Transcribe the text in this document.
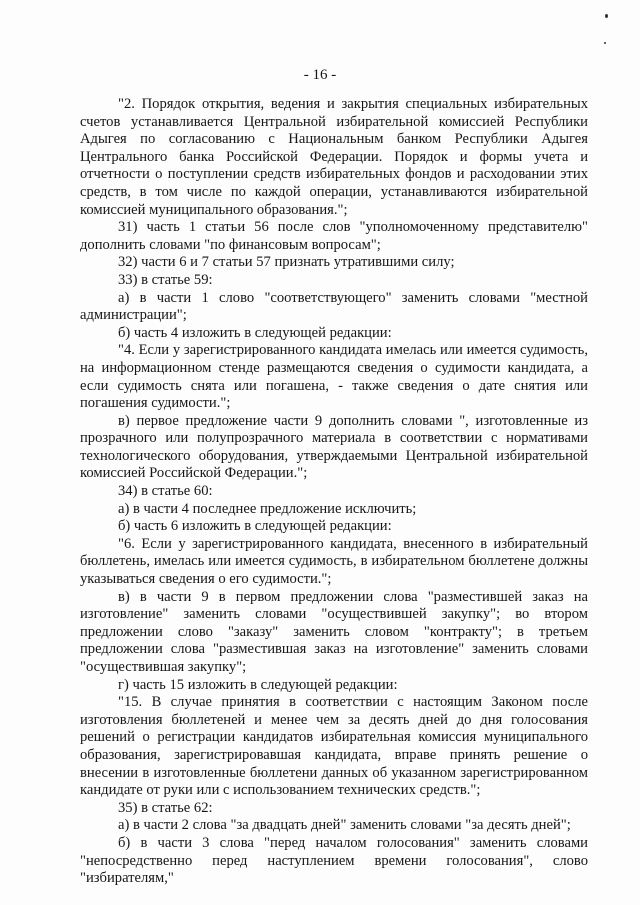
- 16 -

"2. Порядок открытия, ведения и закрытия специальных избирательных счетов устанавливается Центральной избирательной комиссией Республики Адыгея по согласованию с Национальным банком Республики Адыгея Центрального банка Российской Федерации. Порядок и формы учета и отчетности о поступлении средств избирательных фондов и расходовании этих средств, в том числе по каждой операции, устанавливаются избирательной комиссией муниципального образования.";

31) часть 1 статьи 56 после слов "уполномоченному представителю" дополнить словами "по финансовым вопросам";

32) части 6 и 7 статьи 57 признать утратившими силу;

33) в статье 59:

а) в части 1 слово "соответствующего" заменить словами "местной администрации";

б) часть 4 изложить в следующей редакции:

"4. Если у зарегистрированного кандидата имелась или имеется судимость, на информационном стенде размещаются сведения о судимости кандидата, а если судимость снята или погашена, - также сведения о дате снятия или погашения судимости.";

в) первое предложение части 9 дополнить словами ", изготовленные из прозрачного или полупрозрачного материала в соответствии с нормативами технологического оборудования, утверждаемыми Центральной избирательной комиссией Российской Федерации.";

34) в статье 60:

а) в части 4 последнее предложение исключить;

б) часть 6 изложить в следующей редакции:

"6. Если у зарегистрированного кандидата, внесенного в избирательный бюллетень, имелась или имеется судимость, в избирательном бюллетене должны указываться сведения о его судимости.";

в) в части 9 в первом предложении слова "разместившей заказ на изготовление" заменить словами "осуществившей закупку"; во втором предложении слово "заказу" заменить словом "контракту"; в третьем предложении слова "разместившая заказ на изготовление" заменить словами "осуществившая закупку";

г) часть 15 изложить в следующей редакции:

"15. В случае принятия в соответствии с настоящим Законом после изготовления бюллетеней и менее чем за десять дней до дня голосования решений о регистрации кандидатов избирательная комиссия муниципального образования, зарегистрировавшая кандидата, вправе принять решение о внесении в изготовленные бюллетени данных об указанном зарегистрированном кандидате от руки или с использованием технических средств.";

35) в статье 62:

а) в части 2 слова "за двадцать дней" заменить словами "за десять дней";

б) в части 3 слова "перед началом голосования" заменить словами "непосредственно перед наступлением времени голосования", слово "избирателям,"
